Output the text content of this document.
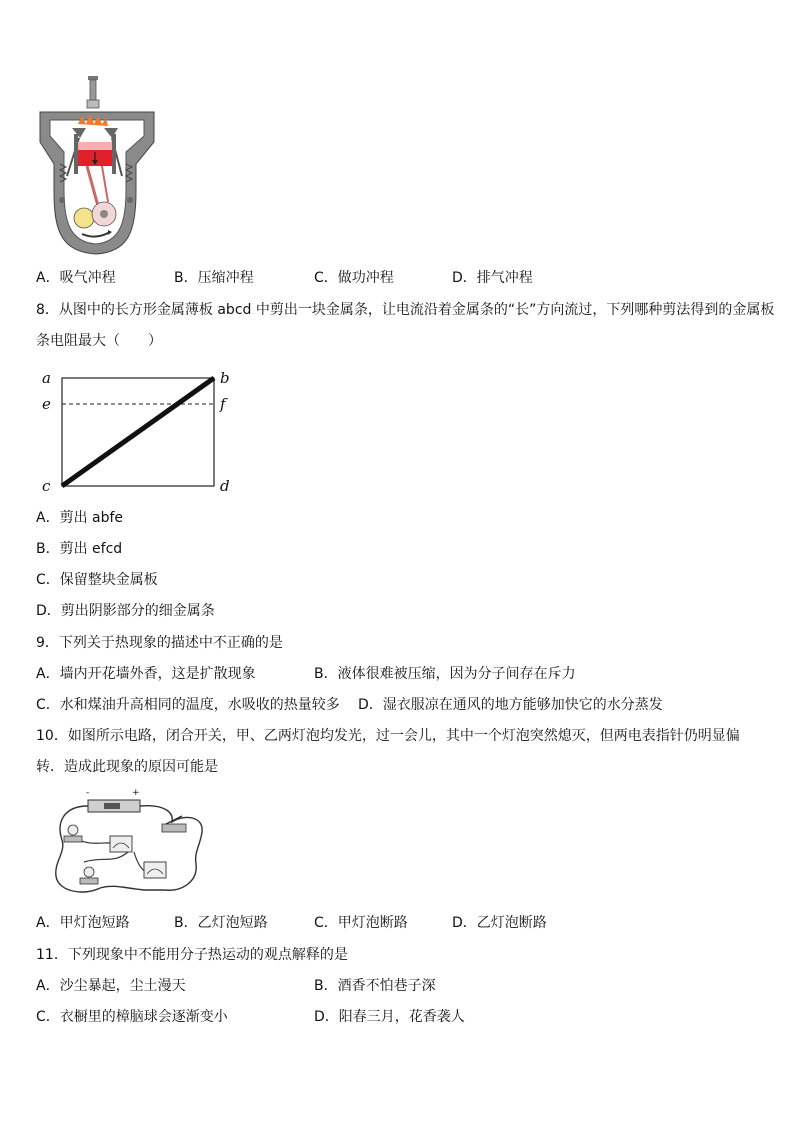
A．吸气冲程	B．压缩冲程	C．做功冲程	D．排气冲程
8．从图中的长方形金属薄板 abcd 中剪出一块金属条，让电流沿着金属条的“长”方向流过，下列哪种剪法得到的金属板
条电阻最大（　　）
a	b
e	f
c	d
A．剪出 abfe
B．剪出 efcd
C．保留整块金属板
D．剪出阴影部分的细金属条
9．下列关于热现象的描述中不正确的是
A．墙内开花墙外香，这是扩散现象	B．液体很难被压缩，因为分子间存在斥力
C．水和煤油升高相同的温度，水吸收的热量较多 D．湿衣服凉在通风的地方能够加快它的水分蒸发
10．如图所示电路，闭合开关，甲、乙两灯泡均发光，过一会儿，其中一个灯泡突然熄灭，但两电表指针仍明显偏
转．造成此现象的原因可能是
-	+
A．甲灯泡短路	B．乙灯泡短路	C．甲灯泡断路	D．乙灯泡断路
11．下列现象中不能用分子热运动的观点解释的是
A．沙尘暴起，尘土漫天	B．酒香不怕巷子深
C．衣橱里的樟脑球会逐渐变小	D．阳春三月，花香袭人
